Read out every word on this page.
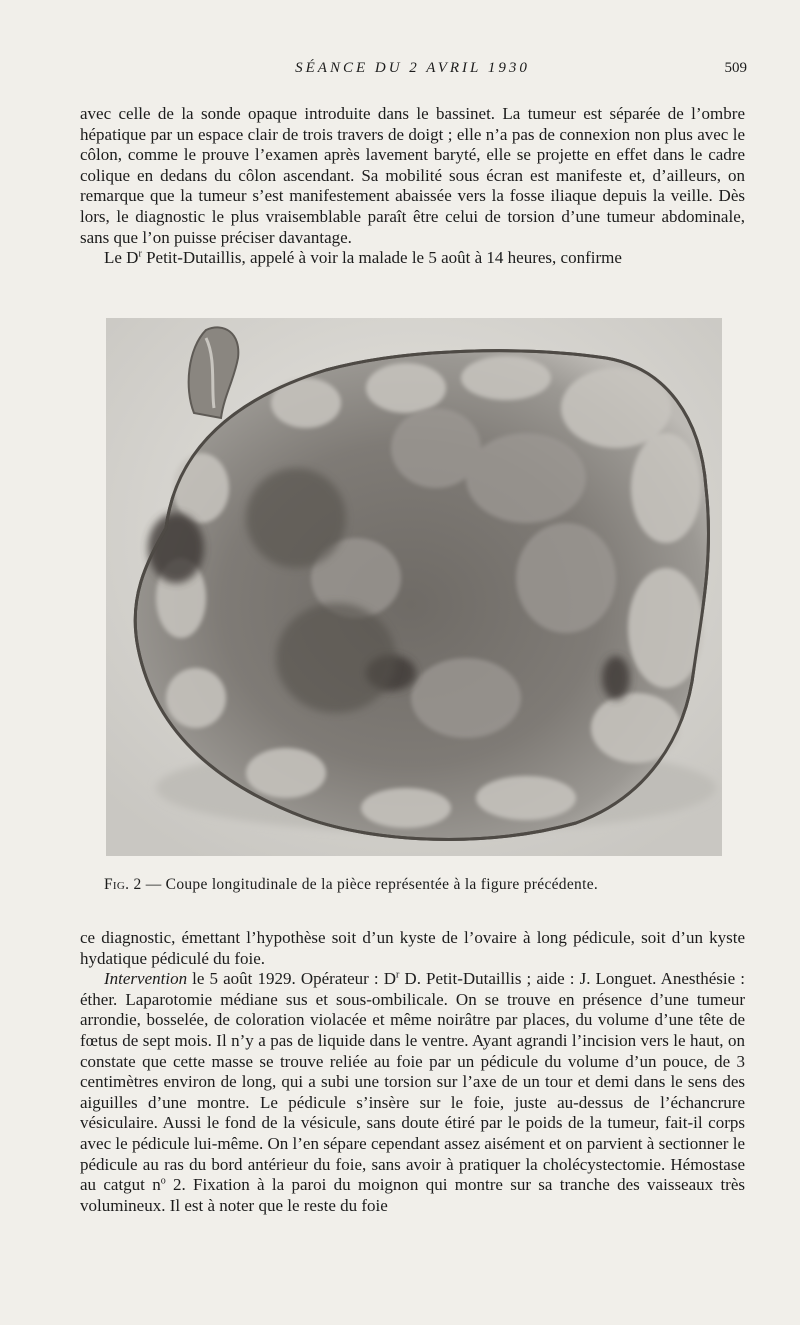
SÉANCE DU 2 AVRIL 1930	509

avec celle de la sonde opaque introduite dans le bassinet. La tumeur est séparée de l’ombre hépatique par un espace clair de trois travers de doigt ; elle n’a pas de connexion non plus avec le côlon, comme le prouve l’examen après lavement baryté, elle se projette en effet dans le cadre colique en dedans du côlon ascendant. Sa mobilité sous écran est manifeste et, d’ailleurs, on remarque que la tumeur s’est manifestement abaissée vers la fosse iliaque depuis la veille. Dès lors, le diagnostic le plus vraisemblable paraît être celui de torsion d’une tumeur abdominale, sans que l’on puisse préciser davantage.

Le $D^r$ Petit-Dutaillis, appelé à voir la malade le 5 août à 14 heures, confirme

Fig. 2 — Coupe longitudinale de la pièce représentée à la figure précédente.

ce diagnostic, émettant l’hypothèse soit d’un kyste de l’ovaire à long pédicule, soit d’un kyste hydatique pédiculé du foie.

Intervention le 5 août 1929. Opérateur : $D^r$ D. Petit-Dutaillis ; aide : J. Longuet. Anesthésie : éther. Laparotomie médiane sus et sous-ombilicale. On se trouve en présence d’une tumeur arrondie, bosselée, de coloration violacée et même noirâtre par places, du volume d’une tête de fœtus de sept mois. Il n’y a pas de liquide dans le ventre. Ayant agrandi l’incision vers le haut, on constate que cette masse se trouve reliée au foie par un pédicule du volume d’un pouce, de 3 centimètres environ de long, qui a subi une torsion sur l’axe de un tour et demi dans le sens des aiguilles d’une montre. Le pédicule s’insère sur le foie, juste au-dessus de l’échancrure vésiculaire. Aussi le fond de la vésicule, sans doute étiré par le poids de la tumeur, fait-il corps avec le pédicule lui-même. On l’en sépare cependant assez aisément et on parvient à sectionner le pédicule au ras du bord antérieur du foie, sans avoir à pratiquer la cholécystectomie. Hémostase au catgut $n^o$ 2. Fixation à la paroi du moignon qui montre sur sa tranche des vaisseaux très volumineux. Il est à noter que le reste du foie
